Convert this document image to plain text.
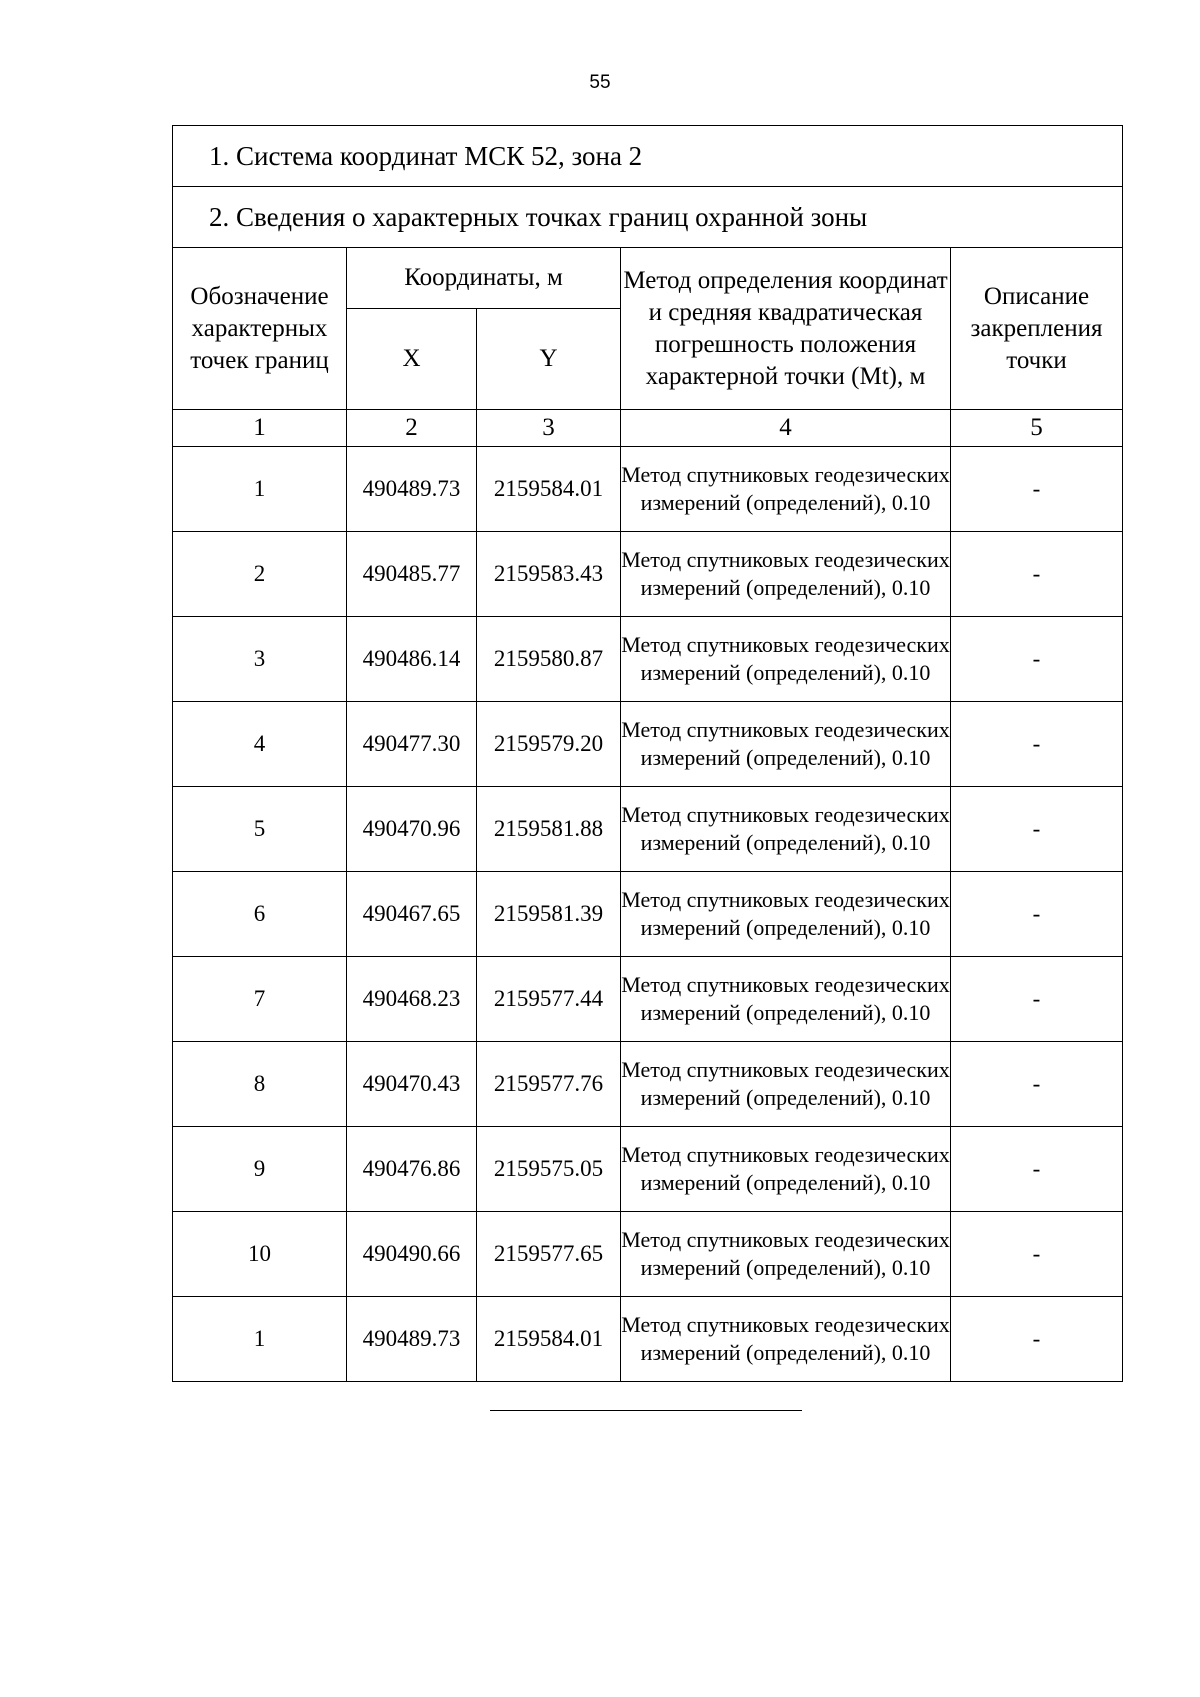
55
1. Система координат МСК 52, зона 2				
2. Сведения о характерных точках границ охранной зоны				
Обозначение характерных точек границ	Координаты, м		Метод определения координат и средняя квадратическая погрешность положения характерной точки (Mt), м	Описание закрепления точки
	X	Y		
1	2	3	4	5
1	490489.73	2159584.01	Метод спутниковых геодезических измерений (определений), 0.10	-
2	490485.77	2159583.43	Метод спутниковых геодезических измерений (определений), 0.10	-
3	490486.14	2159580.87	Метод спутниковых геодезических измерений (определений), 0.10	-
4	490477.30	2159579.20	Метод спутниковых геодезических измерений (определений), 0.10	-
5	490470.96	2159581.88	Метод спутниковых геодезических измерений (определений), 0.10	-
6	490467.65	2159581.39	Метод спутниковых геодезических измерений (определений), 0.10	-
7	490468.23	2159577.44	Метод спутниковых геодезических измерений (определений), 0.10	-
8	490470.43	2159577.76	Метод спутниковых геодезических измерений (определений), 0.10	-
9	490476.86	2159575.05	Метод спутниковых геодезических измерений (определений), 0.10	-
10	490490.66	2159577.65	Метод спутниковых геодезических измерений (определений), 0.10	-
1	490489.73	2159584.01	Метод спутниковых геодезических измерений (определений), 0.10	-
